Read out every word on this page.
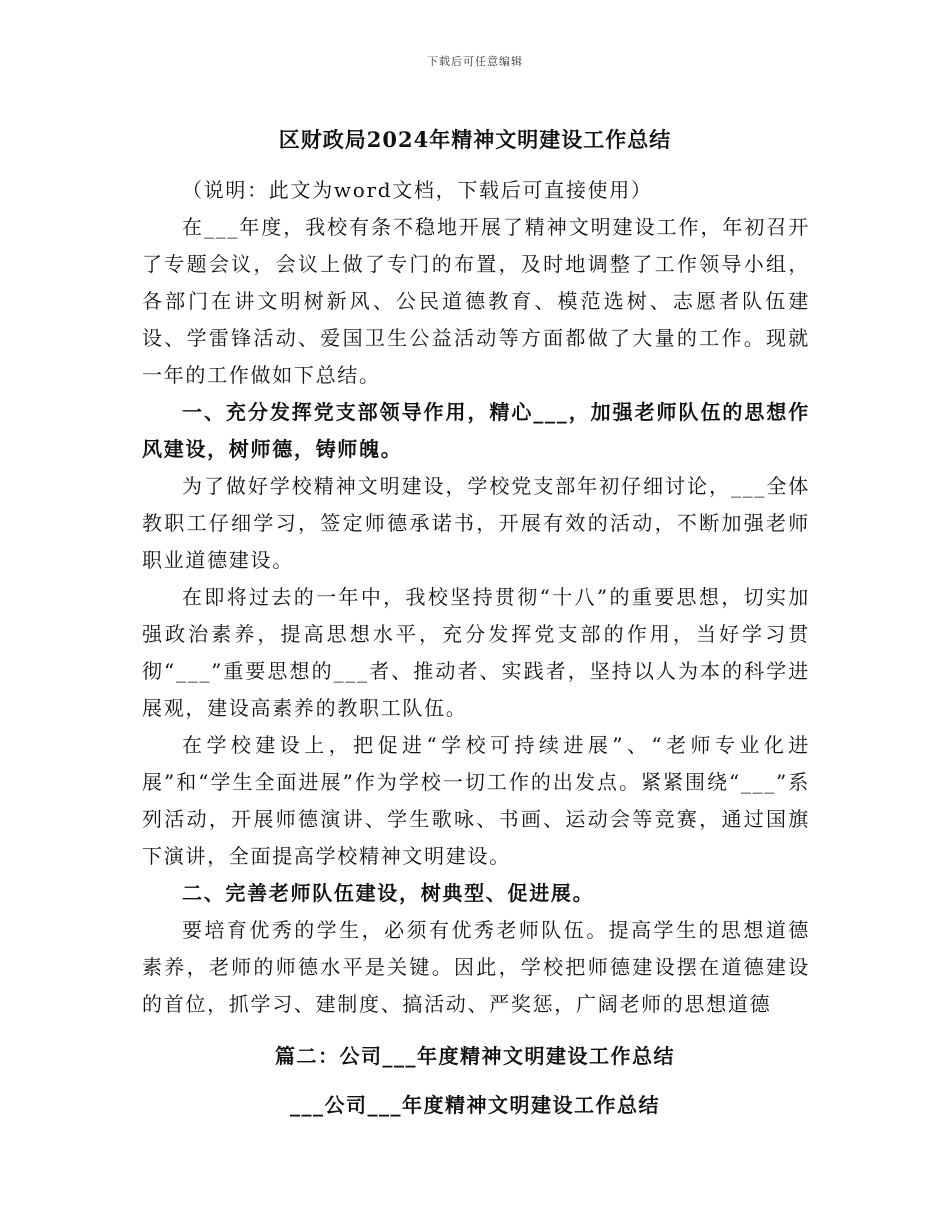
下载后可任意编辑
区财政局2024年精神文明建设工作总结

（说明：此文为word文档，下载后可直接使用）

在___年度，我校有条不稳地开展了精神文明建设工作，年初召开了专题会议，会议上做了专门的布置，及时地调整了工作领导小组，各部门在讲文明树新风、公民道德教育、模范选树、志愿者队伍建设、学雷锋活动、爱国卫生公益活动等方面都做了大量的工作。现就一年的工作做如下总结。

一、充分发挥党支部领导作用，精心___，加强老师队伍的思想作风建设，树师德，铸师魄。

为了做好学校精神文明建设，学校党支部年初仔细讨论，___全体教职工仔细学习，签定师德承诺书，开展有效的活动，不断加强老师职业道德建设。

在即将过去的一年中，我校坚持贯彻“十八”的重要思想，切实加强政治素养，提高思想水平，充分发挥党支部的作用，当好学习贯彻“___”重要思想的___者、推动者、实践者，坚持以人为本的科学进展观，建设高素养的教职工队伍。

在学校建设上，把促进“学校可持续进展”、“老师专业化进展”和“学生全面进展”作为学校一切工作的出发点。紧紧围绕“___”系列活动，开展师德演讲、学生歌咏、书画、运动会等竞赛，通过国旗下演讲，全面提高学校精神文明建设。

二、完善老师队伍建设，树典型、促进展。

要培育优秀的学生，必须有优秀老师队伍。提高学生的思想道德素养，老师的师德水平是关键。因此，学校把师德建设摆在道德建设的首位，抓学习、建制度、搞活动、严奖惩，广阔老师的思想道德

篇二：公司___年度精神文明建设工作总结
___公司___年度精神文明建设工作总结
